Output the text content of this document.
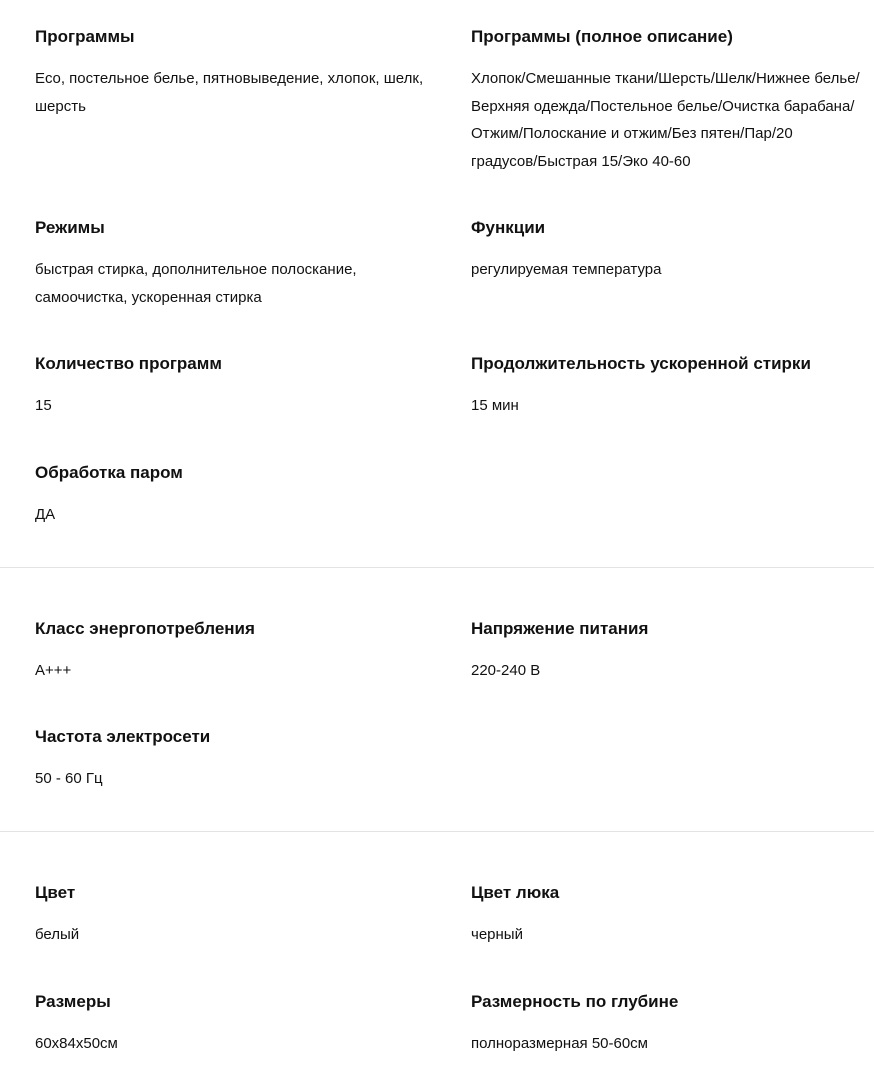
Программы
Eco, постельное белье, пятновыведение, хлопок, шелк, шерсть
Программы (полное описание)
Хлопок/Смешанные ткани/Шерсть/Шелк/Нижнее белье/Верхняя одежда/Постельное белье/Очистка барабана/Отжим/Полоскание и отжим/Без пятен/Пар/20 градусов/Быстрая 15/Эко 40-60
Режимы
быстрая стирка, дополнительное полоскание, самоочистка, ускоренная стирка
Функции
регулируемая температура
Количество программ
15
Продолжительность ускоренной стирки
15 мин
Обработка паром
ДА
Класс энергопотребления
A+++
Напряжение питания
220-240 В
Частота электросети
50 - 60 Гц
Цвет
белый
Цвет люка
черный
Размеры
60x84x50см
Размерность по глубине
полноразмерная 50-60см
